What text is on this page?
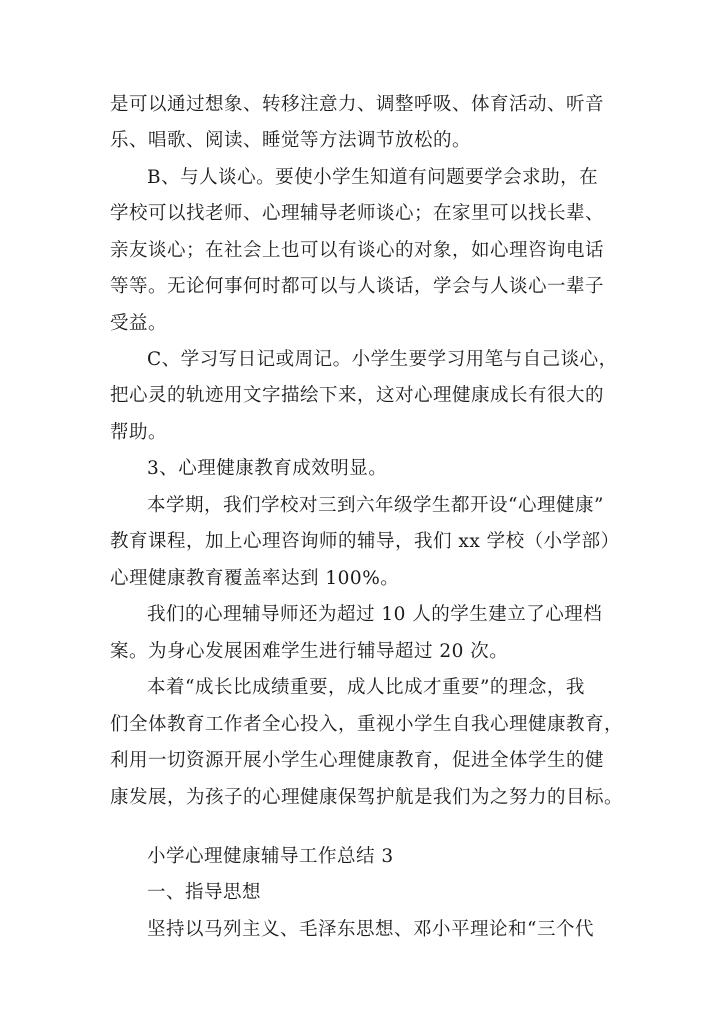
是可以通过想象、转移注意力、调整呼吸、体育活动、听音
乐、唱歌、阅读、睡觉等方法调节放松的。
B、与人谈心。要使小学生知道有问题要学会求助，在
学校可以找老师、心理辅导老师谈心；在家里可以找长辈、
亲友谈心；在社会上也可以有谈心的对象，如心理咨询电话
等等。无论何事何时都可以与人谈话，学会与人谈心一辈子
受益。
C、学习写日记或周记。小学生要学习用笔与自己谈心，
把心灵的轨迹用文字描绘下来，这对心理健康成长有很大的
帮助。
3、心理健康教育成效明显。
本学期，我们学校对三到六年级学生都开设“心理健康”
教育课程，加上心理咨询师的辅导，我们 xx 学校（小学部）
心理健康教育覆盖率达到 100%。
我们的心理辅导师还为超过 10 人的学生建立了心理档
案。为身心发展困难学生进行辅导超过 20 次。
本着“成长比成绩重要，成人比成才重要”的理念，我
们全体教育工作者全心投入，重视小学生自我心理健康教育，
利用一切资源开展小学生心理健康教育，促进全体学生的健
康发展，为孩子的心理健康保驾护航是我们为之努力的目标。
小学心理健康辅导工作总结 3
一、指导思想
坚持以马列主义、毛泽东思想、邓小平理论和“三个代
